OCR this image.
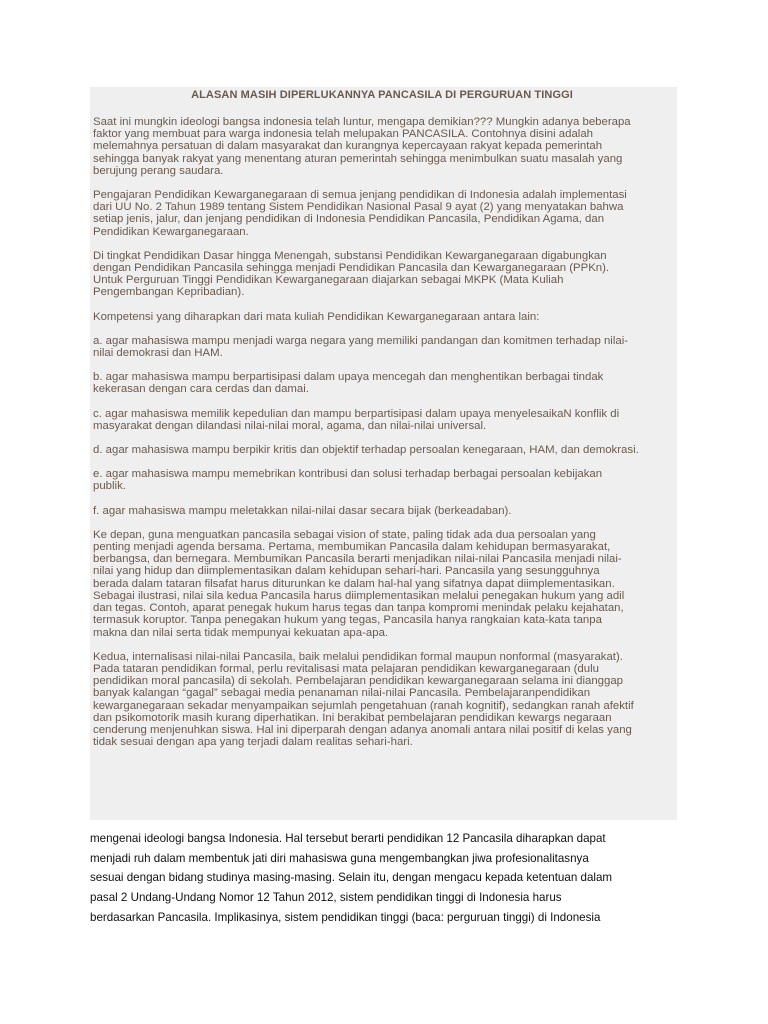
ALASAN MASIH DIPERLUKANNYA PANCASILA DI PERGURUAN TINGGI

Saat ini mungkin ideologi bangsa indonesia telah luntur, mengapa demikian??? Mungkin adanya beberapa
faktor yang membuat para warga indonesia telah melupakan PANCASILA. Contohnya disini adalah
melemahnya persatuan di dalam masyarakat dan kurangnya kepercayaan rakyat kepada pemerintah
sehingga banyak rakyat yang menentang aturan pemerintah sehingga menimbulkan suatu masalah yang
berujung perang saudara.

Pengajaran Pendidikan Kewarganegaraan di semua jenjang pendidikan di Indonesia adalah implementasi
dari UU No. 2 Tahun 1989 tentang Sistem Pendidikan Nasional Pasal 9 ayat (2) yang menyatakan bahwa
setiap jenis, jalur, dan jenjang pendidikan di Indonesia Pendidikan Pancasila, Pendidikan Agama, dan
Pendidikan Kewarganegaraan.

Di tingkat Pendidikan Dasar hingga Menengah, substansi Pendidikan Kewarganegaraan digabungkan
dengan Pendidikan Pancasila sehingga menjadi Pendidikan Pancasila dan Kewarganegaraan (PPKn).
Untuk Perguruan Tinggi Pendidikan Kewarganegaraan diajarkan sebagai MKPK (Mata Kuliah
Pengembangan Kepribadian).

Kompetensi yang diharapkan dari mata kuliah Pendidikan Kewarganegaraan antara lain:

a. agar mahasiswa mampu menjadi warga negara yang memiliki pandangan dan komitmen terhadap nilai-
nilai demokrasi dan HAM.

b. agar mahasiswa mampu berpartisipasi dalam upaya mencegah dan menghentikan berbagai tindak
kekerasan dengan cara cerdas dan damai.

c. agar mahasiswa memilik kepedulian dan mampu berpartisipasi dalam upaya menyelesaikaN konflik di
masyarakat dengan dilandasi nilai-nilai moral, agama, dan nilai-nilai universal.

d. agar mahasiswa mampu berpikir kritis dan objektif terhadap persoalan kenegaraan, HAM, dan demokrasi.

e. agar mahasiswa mampu memebrikan kontribusi dan solusi terhadap berbagai persoalan kebijakan
publik.

f. agar mahasiswa mampu meletakkan nilai-nilai dasar secara bijak (berkeadaban).

Ke depan, guna menguatkan pancasila sebagai vision of state, paling tidak ada dua persoalan yang
penting menjadi agenda bersama. Pertama, membumikan Pancasila dalam kehidupan bermasyarakat,
berbangsa, dan bernegara. Membumikan Pancasila berarti menjadikan nilai-nilai Pancasila menjadi nilai-
nilai yang hidup dan diimplementasikan dalam kehidupan sehari-hari. Pancasila yang sesungguhnya
berada dalam tataran filsafat harus diturunkan ke dalam hal-hal yang sifatnya dapat diimplementasikan.
Sebagai ilustrasi, nilai sila kedua Pancasila harus diimplementasikan melalui penegakan hukum yang adil
dan tegas. Contoh, aparat penegak hukum harus tegas dan tanpa kompromi menindak pelaku kejahatan,
termasuk koruptor. Tanpa penegakan hukum yang tegas, Pancasila hanya rangkaian kata-kata tanpa
makna dan nilai serta tidak mempunyai kekuatan apa-apa.

Kedua, internalisasi nilai-nilai Pancasila, baik melalui pendidikan formal maupun nonformal (masyarakat).
Pada tataran pendidikan formal, perlu revitalisasi mata pelajaran pendidikan kewarganegaraan (dulu
pendidikan moral pancasila) di sekolah. Pembelajaran pendidikan kewarganegaraan selama ini dianggap
banyak kalangan “gagal” sebagai media penanaman nilai-nilai Pancasila. Pembelajaranpendidikan
kewarganegaraan sekadar menyampaikan sejumlah pengetahuan (ranah kognitif), sedangkan ranah afektif
dan psikomotorik masih kurang diperhatikan. Ini berakibat pembelajaran pendidikan kewargs negaraan
cenderung menjenuhkan siswa. Hal ini diperparah dengan adanya anomali antara nilai positif di kelas yang
tidak sesuai dengan apa yang terjadi dalam realitas sehari-hari.

mengenai ideologi bangsa Indonesia. Hal tersebut berarti pendidikan 12 Pancasila diharapkan dapat
menjadi ruh dalam membentuk jati diri mahasiswa guna mengembangkan jiwa profesionalitasnya
sesuai dengan bidang studinya masing-masing. Selain itu, dengan mengacu kepada ketentuan dalam
pasal 2 Undang-Undang Nomor 12 Tahun 2012, sistem pendidikan tinggi di Indonesia harus
berdasarkan Pancasila. Implikasinya, sistem pendidikan tinggi (baca: perguruan tinggi) di Indonesia
